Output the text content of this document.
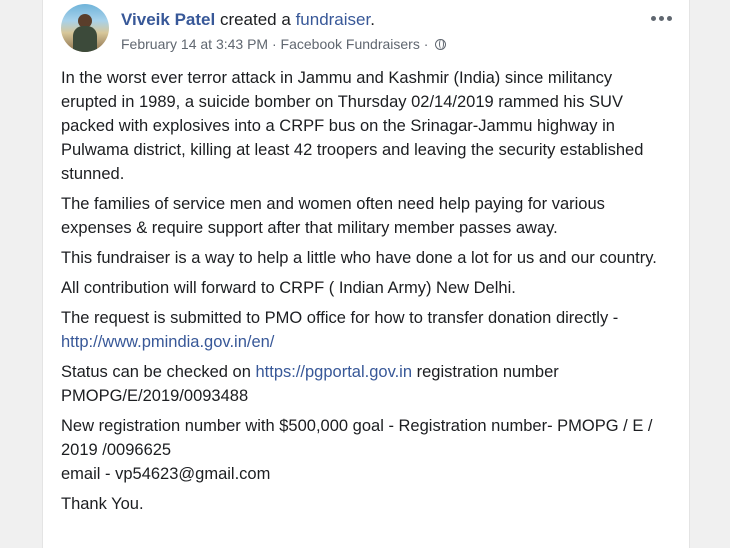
Viveik Patel created a fundraiser.
February 14 at 3:43 PM · Facebook Fundraisers ·

In the worst ever terror attack in Jammu and Kashmir (India) since militancy erupted in 1989, a suicide bomber on Thursday 02/14/2019 rammed his SUV packed with explosives into a CRPF bus on the Srinagar-Jammu highway in Pulwama district, killing at least 42 troopers and leaving the security established stunned.

The families of service men and women often need help paying for various expenses & require support after that military member passes away.

This fundraiser is a way to help a little who have done a lot for us and our country.

All contribution will forward to CRPF ( Indian Army) New Delhi.

The request is submitted to PMO office for how to transfer donation directly - http://www.pmindia.gov.in/en/

Status can be checked on https://pgportal.gov.in registration number PMOPG/E/2019/0093488

New registration number with $500,000 goal - Registration number- PMOPG / E / 2019 /0096625

email - vp54623@gmail.com

Thank You.
